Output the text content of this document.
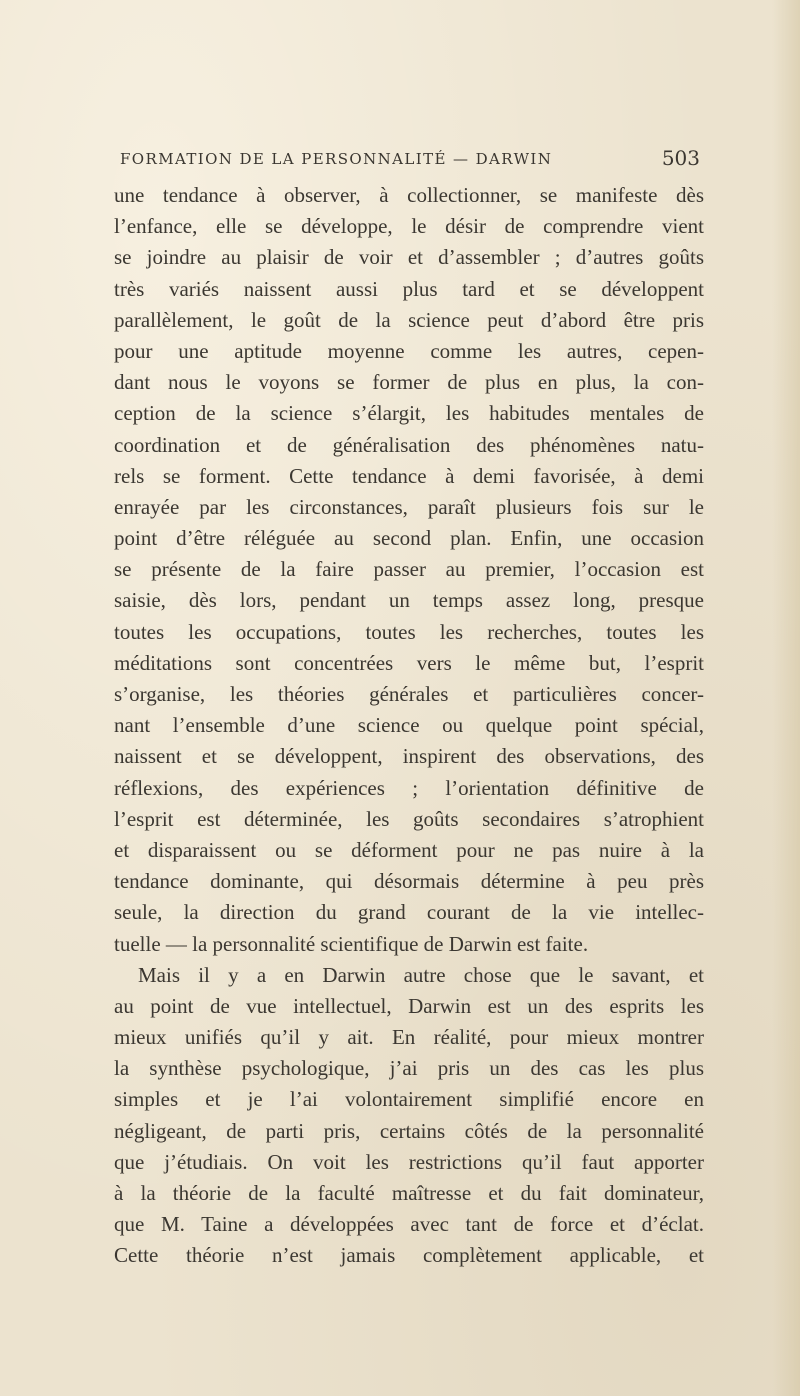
FORMATION DE LA PERSONNALITÉ — DARWIN	503
une tendance à observer, à collectionner, se manifeste dès
l’enfance, elle se développe, le désir de comprendre vient
se joindre au plaisir de voir et d’assembler ; d’autres goûts
très variés naissent aussi plus tard et se développent
parallèlement, le goût de la science peut d’abord être pris
pour une aptitude moyenne comme les autres, cepen-
dant nous le voyons se former de plus en plus, la con-
ception de la science s’élargit, les habitudes mentales de
coordination et de généralisation des phénomènes natu-
rels se forment. Cette tendance à demi favorisée, à demi
enrayée par les circonstances, paraît plusieurs fois sur le
point d’être réléguée au second plan. Enfin, une occasion
se présente de la faire passer au premier, l’occasion est
saisie, dès lors, pendant un temps assez long, presque
toutes les occupations, toutes les recherches, toutes les
méditations sont concentrées vers le même but, l’esprit
s’organise, les théories générales et particulières concer-
nant l’ensemble d’une science ou quelque point spécial,
naissent et se développent, inspirent des observations, des
réflexions, des expériences ; l’orientation définitive de
l’esprit est déterminée, les goûts secondaires s’atrophient
et disparaissent ou se déforment pour ne pas nuire à la
tendance dominante, qui désormais détermine à peu près
seule, la direction du grand courant de la vie intellec-
tuelle — la personnalité scientifique de Darwin est faite.
Mais il y a en Darwin autre chose que le savant, et
au point de vue intellectuel, Darwin est un des esprits les
mieux unifiés qu’il y ait. En réalité, pour mieux montrer
la synthèse psychologique, j’ai pris un des cas les plus
simples et je l’ai volontairement simplifié encore en
négligeant, de parti pris, certains côtés de la personnalité
que j’étudiais. On voit les restrictions qu’il faut apporter
à la théorie de la faculté maîtresse et du fait dominateur,
que M. Taine a développées avec tant de force et d’éclat.
Cette théorie n’est jamais complètement applicable, et
